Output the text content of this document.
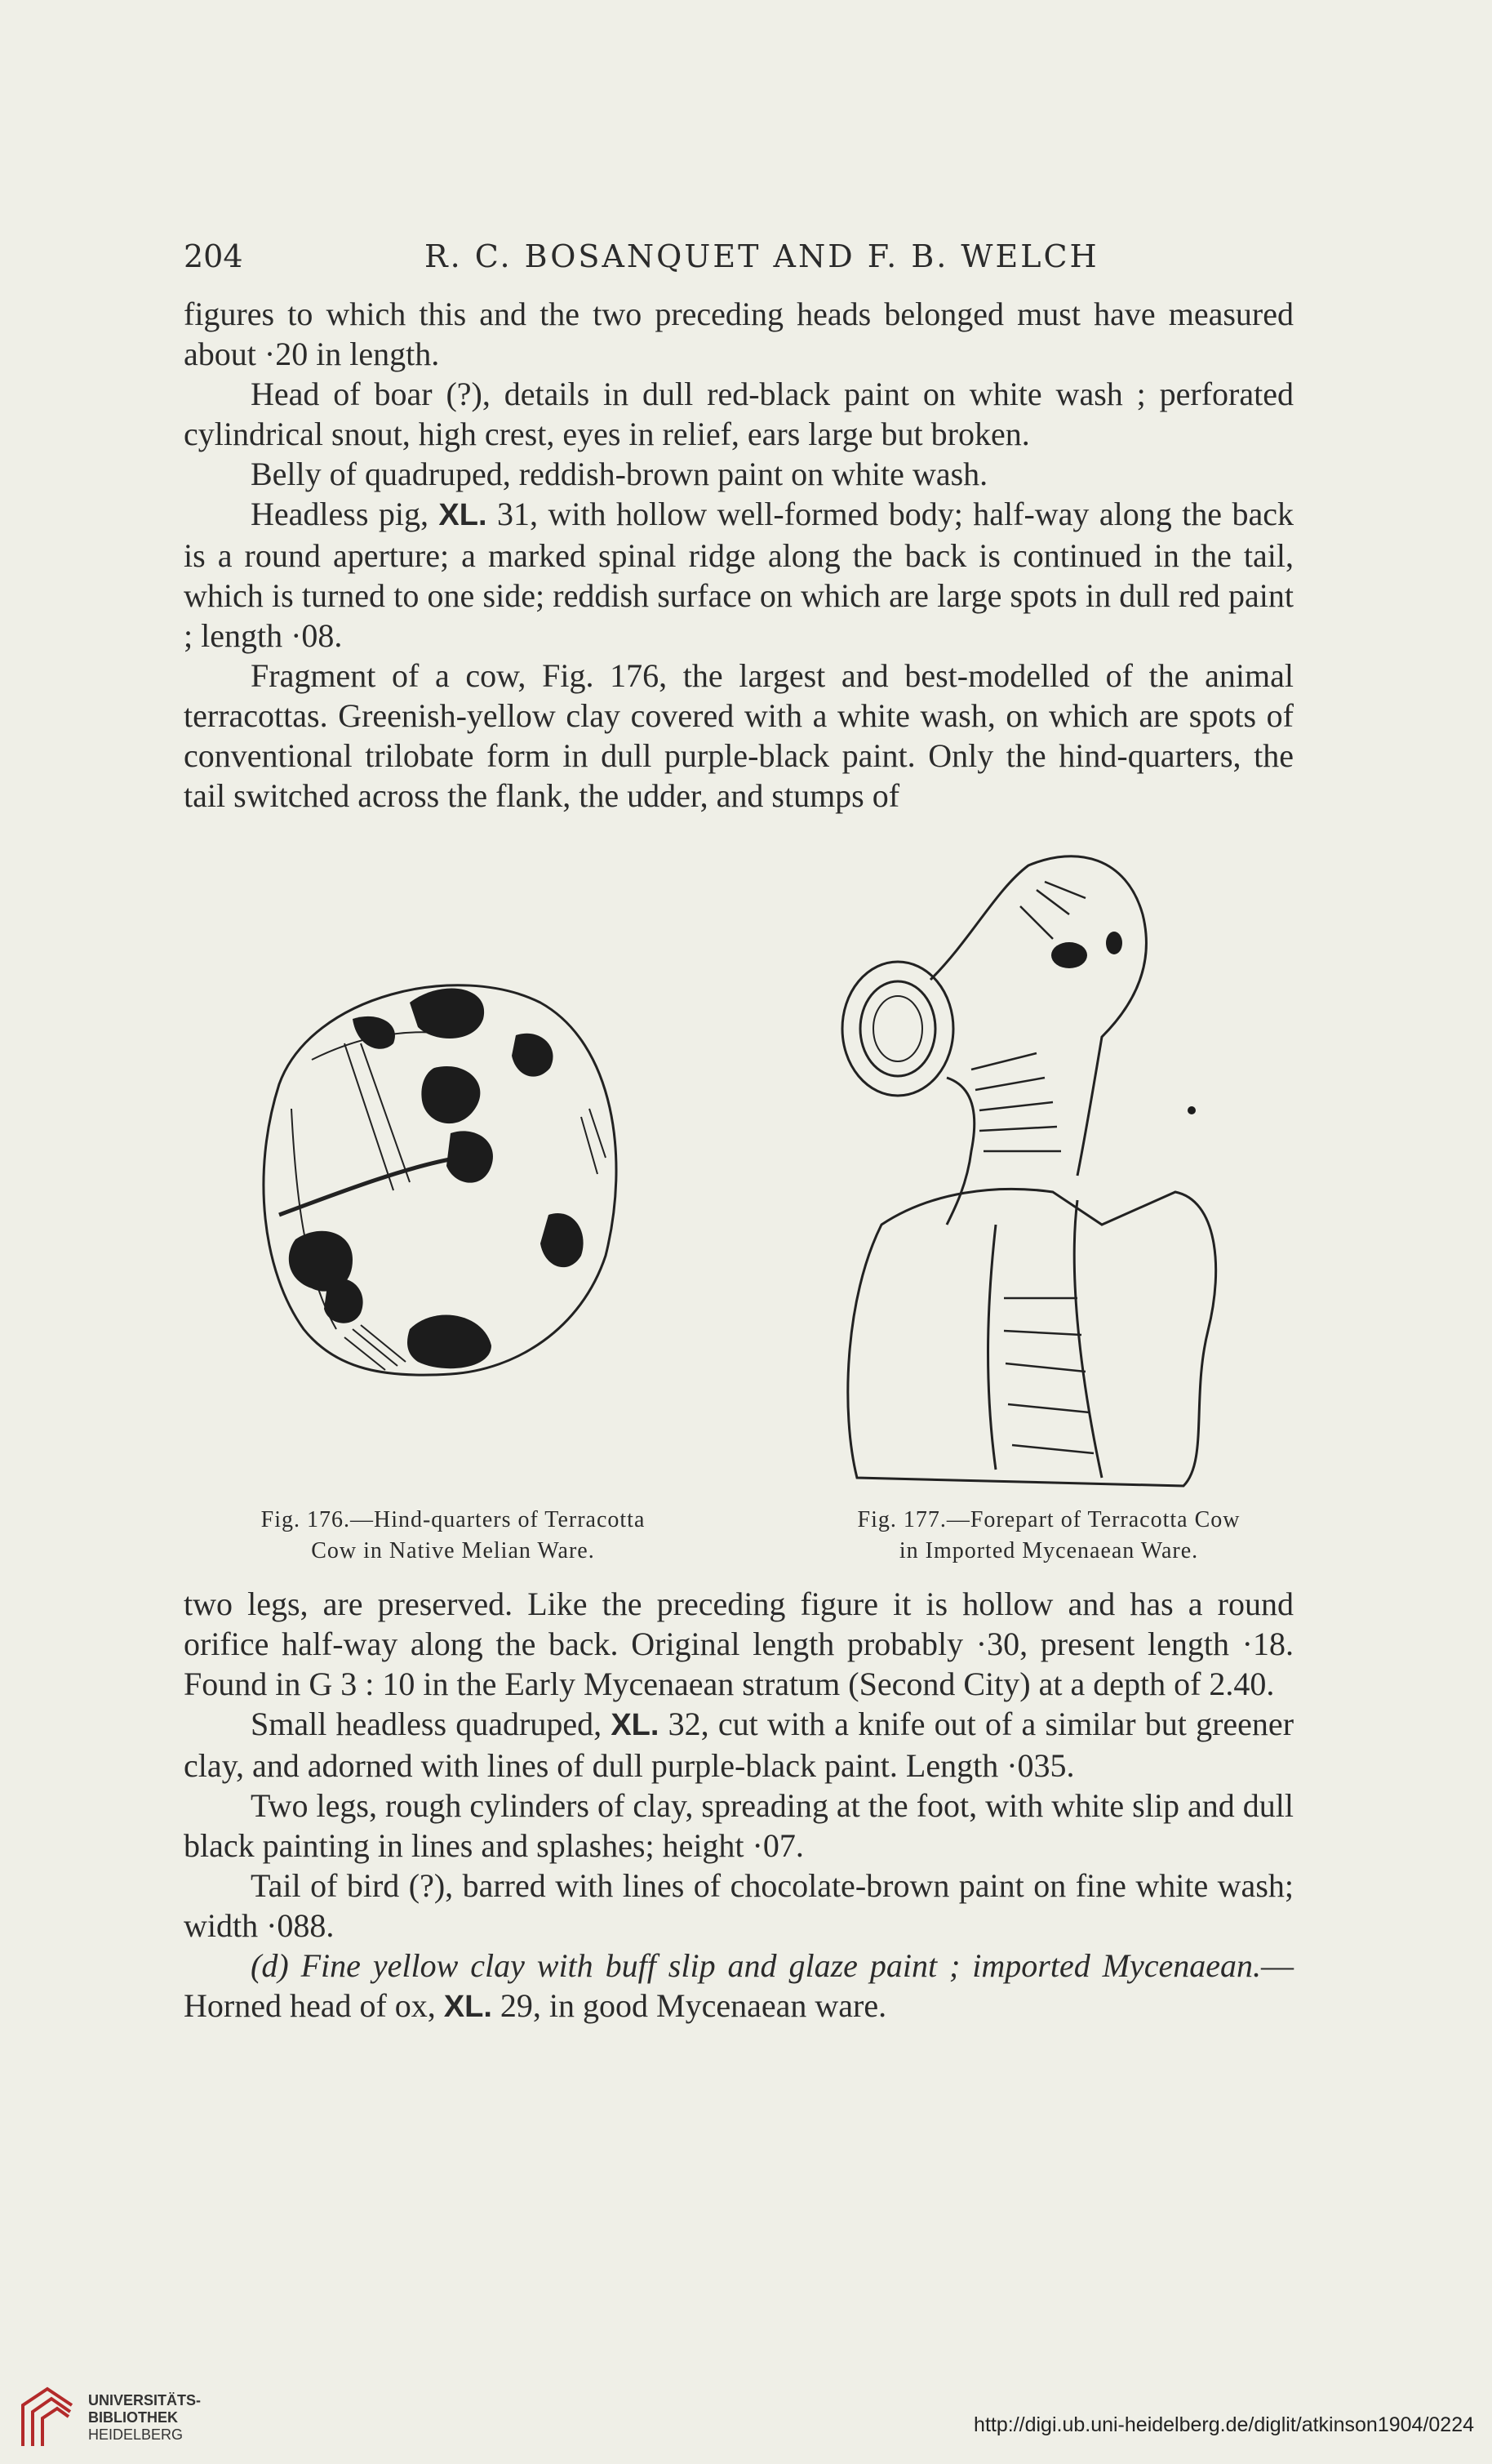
204	R. C. BOSANQUET AND F. B. WELCH

figures to which this and the two preceding heads belonged must have measured about ·20 in length.

Head of boar (?), details in dull red-black paint on white wash ; perforated cylindrical snout, high crest, eyes in relief, ears large but broken.

Belly of quadruped, reddish-brown paint on white wash.

Headless pig, XL. 31, with hollow well-formed body; half-way along the back is a round aperture; a marked spinal ridge along the back is continued in the tail, which is turned to one side; reddish surface on which are large spots in dull red paint ; length ·08.

Fragment of a cow, Fig. 176, the largest and best-modelled of the animal terracottas. Greenish-yellow clay covered with a white wash, on which are spots of conventional trilobate form in dull purple-black paint. Only the hind-quarters, the tail switched across the flank, the udder, and stumps of

Fig. 176.—Hind-quarters of Terracotta
Cow in Native Melian Ware.
Fig. 177.—Forepart of Terracotta Cow
in Imported Mycenaean Ware.

two legs, are preserved. Like the preceding figure it is hollow and has a round orifice half-way along the back. Original length probably ·30, present length ·18. Found in G 3 : 10 in the Early Mycenaean stratum (Second City) at a depth of 2.40.

Small headless quadruped, XL. 32, cut with a knife out of a similar but greener clay, and adorned with lines of dull purple-black paint. Length ·035.

Two legs, rough cylinders of clay, spreading at the foot, with white slip and dull black painting in lines and splashes; height ·07.

Tail of bird (?), barred with lines of chocolate-brown paint on fine white wash; width ·088.

(d) Fine yellow clay with buff slip and glaze paint ; imported Mycenaean.— Horned head of ox, XL. 29, in good Mycenaean ware.

UNIVERSITÄTS-
BIBLIOTHEK
HEIDELBERG	http://digi.ub.uni-heidelberg.de/diglit/atkinson1904/0224
